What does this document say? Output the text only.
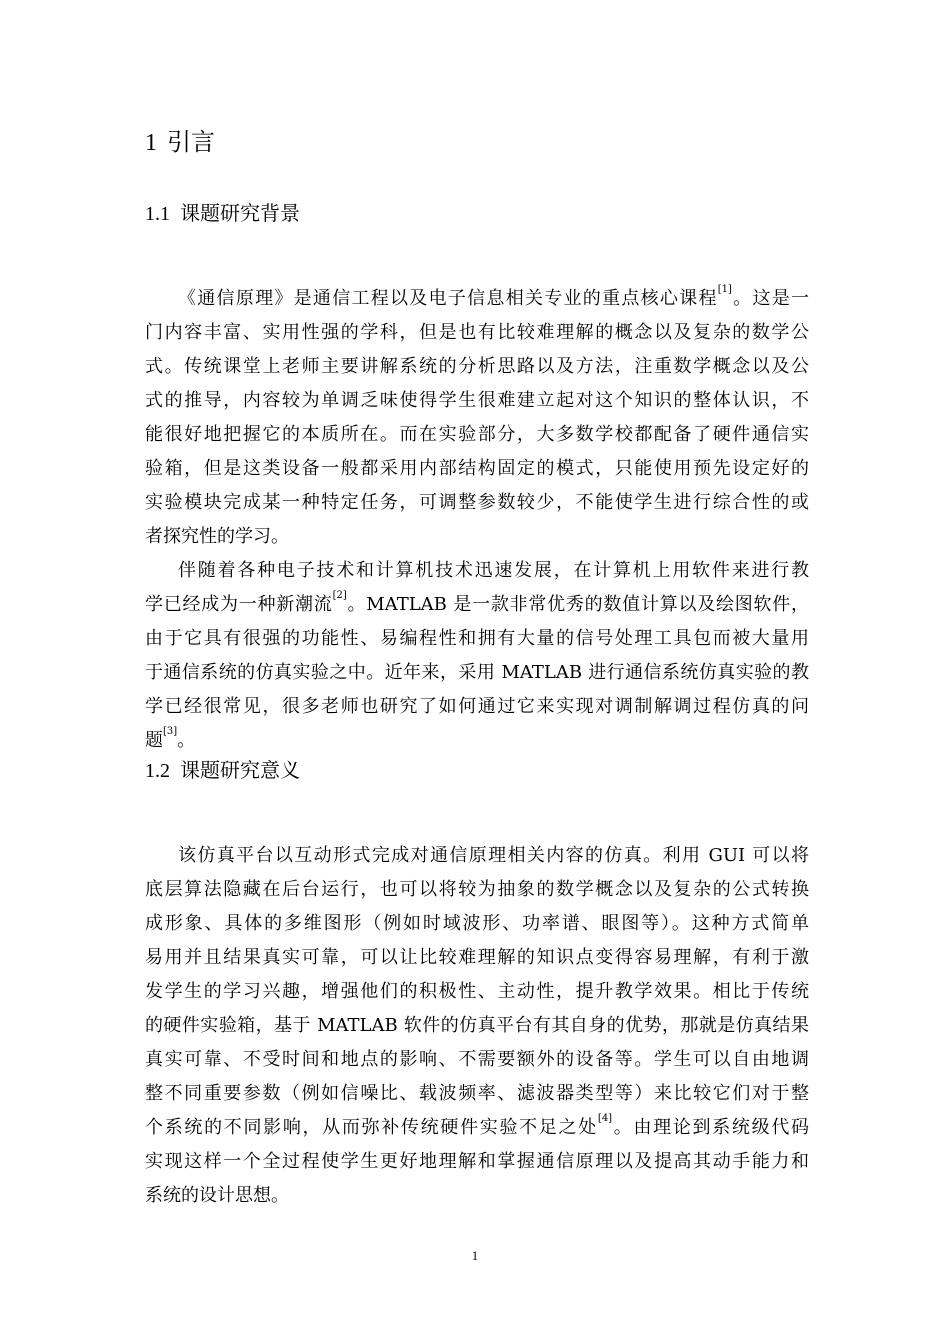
1 引言
1.1 课题研究背景
《通信原理》是通信工程以及电子信息相关专业的重点核心课程[1]。这是一
门内容丰富、实用性强的学科，但是也有比较难理解的概念以及复杂的数学公
式。传统课堂上老师主要讲解系统的分析思路以及方法，注重数学概念以及公
式的推导，内容较为单调乏味使得学生很难建立起对这个知识的整体认识，不
能很好地把握它的本质所在。而在实验部分，大多数学校都配备了硬件通信实
验箱，但是这类设备一般都采用内部结构固定的模式，只能使用预先设定好的
实验模块完成某一种特定任务，可调整参数较少，不能使学生进行综合性的或
者探究性的学习。
伴随着各种电子技术和计算机技术迅速发展，在计算机上用软件来进行教
学已经成为一种新潮流[2]。MATLAB 是一款非常优秀的数值计算以及绘图软件，
由于它具有很强的功能性、易编程性和拥有大量的信号处理工具包而被大量用
于通信系统的仿真实验之中。近年来，采用 MATLAB 进行通信系统仿真实验的教
学已经很常见，很多老师也研究了如何通过它来实现对调制解调过程仿真的问
题[3]。
1.2 课题研究意义
该仿真平台以互动形式完成对通信原理相关内容的仿真。利用 GUI 可以将
底层算法隐藏在后台运行，也可以将较为抽象的数学概念以及复杂的公式转换
成形象、具体的多维图形（例如时域波形、功率谱、眼图等）。这种方式简单
易用并且结果真实可靠，可以让比较难理解的知识点变得容易理解，有利于激
发学生的学习兴趣，增强他们的积极性、主动性，提升教学效果。相比于传统
的硬件实验箱，基于 MATLAB 软件的仿真平台有其自身的优势，那就是仿真结果
真实可靠、不受时间和地点的影响、不需要额外的设备等。学生可以自由地调
整不同重要参数（例如信噪比、载波频率、滤波器类型等）来比较它们对于整
个系统的不同影响，从而弥补传统硬件实验不足之处[4]。由理论到系统级代码
实现这样一个全过程使学生更好地理解和掌握通信原理以及提高其动手能力和
系统的设计思想。
1
